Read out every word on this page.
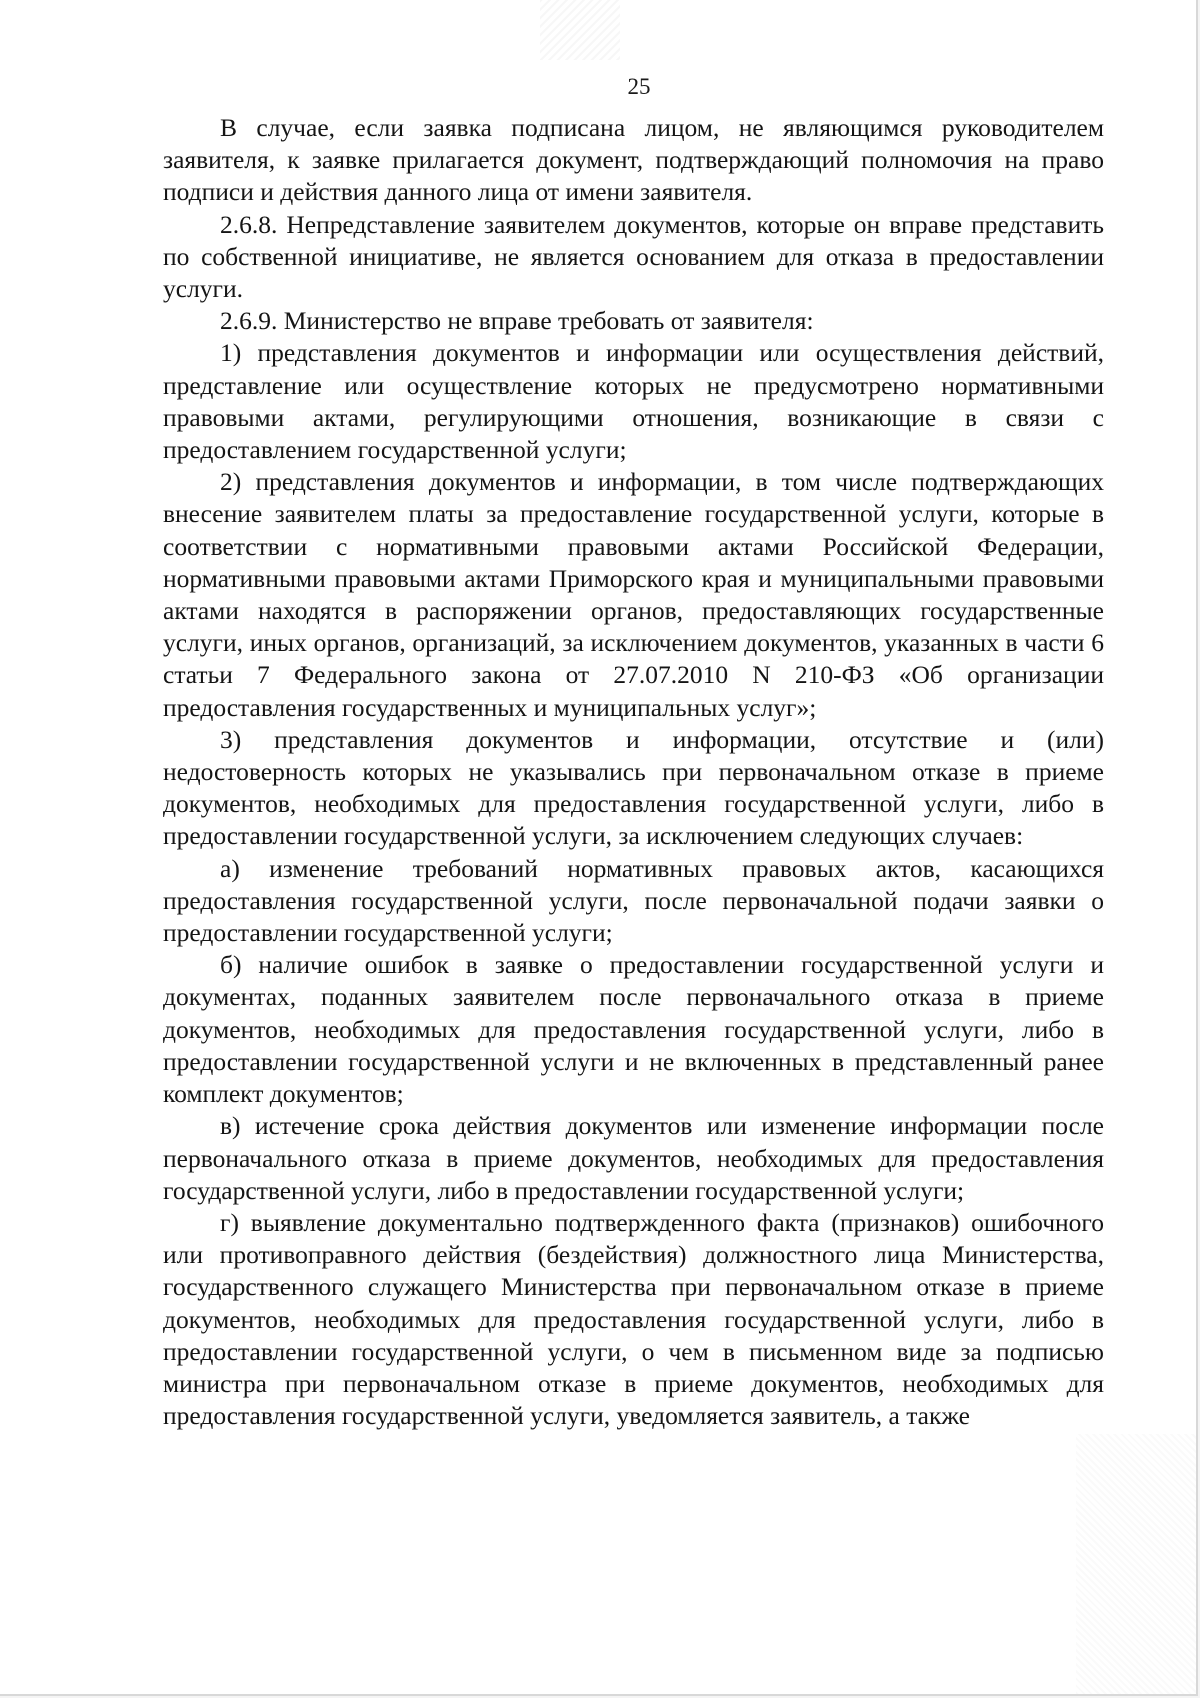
25

В случае, если заявка подписана лицом, не являющимся руководителем заявителя, к заявке прилагается документ, подтверждающий полномочия на право подписи и действия данного лица от имени заявителя.

2.6.8. Непредставление заявителем документов, которые он вправе представить по собственной инициативе, не является основанием для отказа в предоставлении услуги.

2.6.9. Министерство не вправе требовать от заявителя:

1) представления документов и информации или осуществления действий, представление или осуществление которых не предусмотрено нормативными правовыми актами, регулирующими отношения, возникающие в связи с предоставлением государственной услуги;

2) представления документов и информации, в том числе подтверждающих внесение заявителем платы за предоставление государственной услуги, которые в соответствии с нормативными правовыми актами Российской Федерации, нормативными правовыми актами Приморского края и муниципальными правовыми актами находятся в распоряжении органов, предоставляющих государственные услуги, иных органов, организаций, за исключением документов, указанных в части 6 статьи 7 Федерального закона от 27.07.2010 N 210-ФЗ «Об организации предоставления государственных и муниципальных услуг»;

3) представления документов и информации, отсутствие и (или) недостоверность которых не указывались при первоначальном отказе в приеме документов, необходимых для предоставления государственной услуги, либо в предоставлении государственной услуги, за исключением следующих случаев:

а) изменение требований нормативных правовых актов, касающихся предоставления государственной услуги, после первоначальной подачи заявки о предоставлении государственной услуги;

б) наличие ошибок в заявке о предоставлении государственной услуги и документах, поданных заявителем после первоначального отказа в приеме документов, необходимых для предоставления государственной услуги, либо в предоставлении государственной услуги и не включенных в представленный ранее комплект документов;

в) истечение срока действия документов или изменение информации после первоначального отказа в приеме документов, необходимых для предоставления государственной услуги, либо в предоставлении государственной услуги;

г) выявление документально подтвержденного факта (признаков) ошибочного или противоправного действия (бездействия) должностного лица Министерства, государственного служащего Министерства при первоначальном отказе в приеме документов, необходимых для предоставления государственной услуги, либо в предоставлении государственной услуги, о чем в письменном виде за подписью министра при первоначальном отказе в приеме документов, необходимых для предоставления государственной услуги, уведомляется заявитель, а также
